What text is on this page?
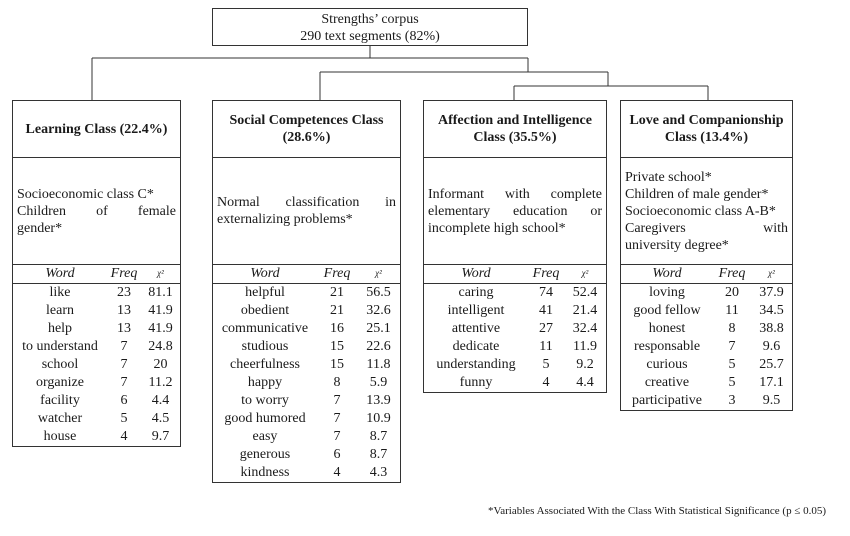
Strengths’ corpus
290 text segments (82%)
Learning Class (22.4%)
Socioeconomic class C*
Children of female
gender*
Word	Freq	χ²
like	23	81.1
learn	13	41.9
help	13	41.9
to understand	7	24.8
school	7	20
organize	7	11.2
facility	6	4.4
watcher	5	4.5
house	4	9.7
Social Competences Class (28.6%)
Normal classification in
externalizing problems*
Word	Freq	χ²
helpful	21	56.5
obedient	21	32.6
communicative	16	25.1
studious	15	22.6
cheerfulness	15	11.8
happy	8	5.9
to worry	7	13.9
good humored	7	10.9
easy	7	8.7
generous	6	8.7
kindness	4	4.3
Affection and Intelligence Class (35.5%)
Informant with complete
elementary education or
incomplete high school*
Word	Freq	χ²
caring	74	52.4
intelligent	41	21.4
attentive	27	32.4
dedicate	11	11.9
understanding	5	9.2
funny	4	4.4
Love and Companionship Class (13.4%)
Private school*
Children of male gender*
Socioeconomic class A-B*
Caregivers with
university degree*
Word	Freq	χ²
loving	20	37.9
good fellow	11	34.5
honest	8	38.8
responsable	7	9.6
curious	5	25.7
creative	5	17.1
participative	3	9.5
*Variables Associated With the Class With Statistical Significance (p ≤ 0.05)
